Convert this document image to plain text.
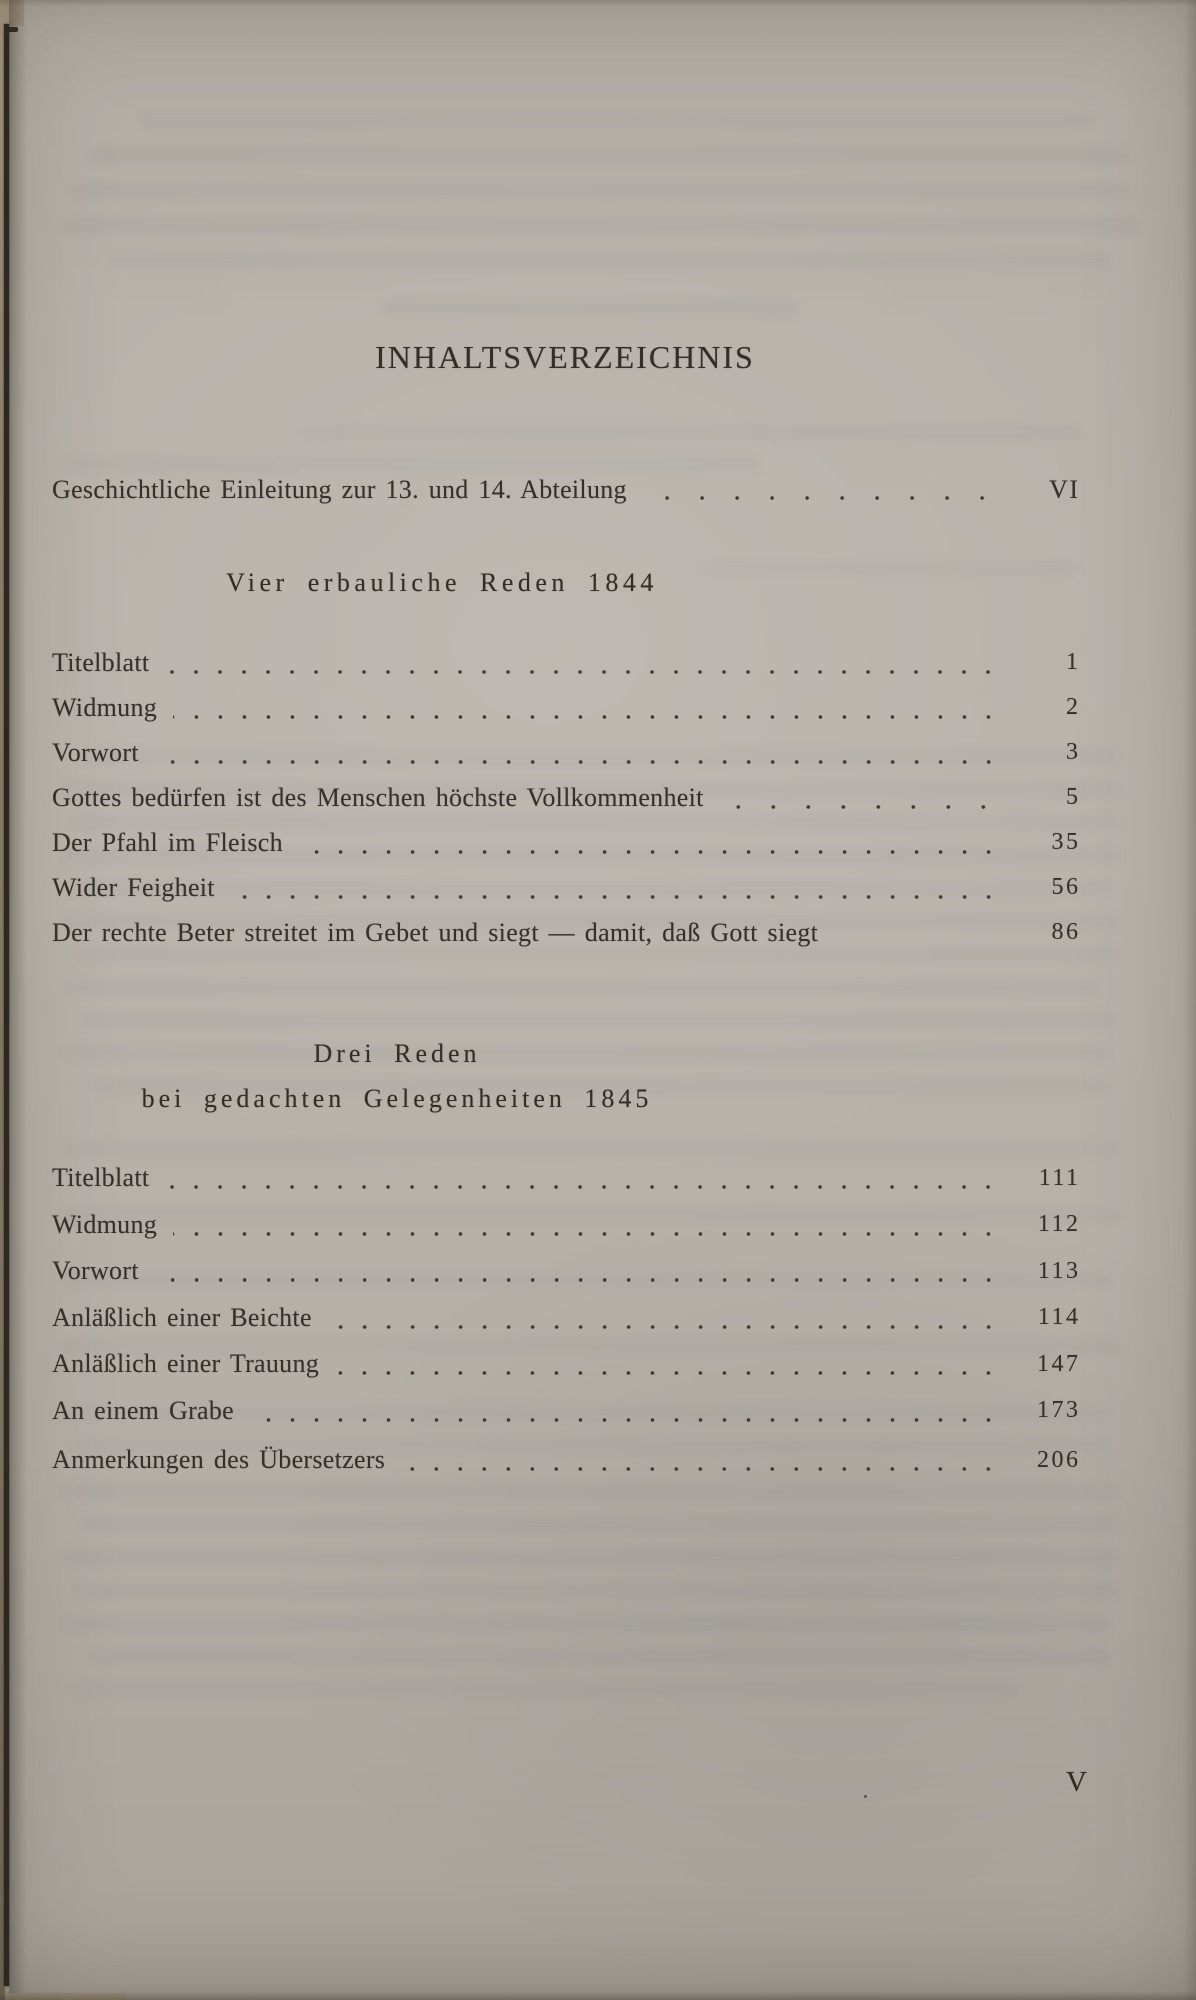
INHALTSVERZEICHNIS
Geschichtliche Einleitung zur 13. und 14. Abteilung	VI
Vier erbauliche Reden 1844
Titelblatt	1
Widmung	2
Vorwort	3
Gottes bedürfen ist des Menschen höchste Vollkommenheit	5
Der Pfahl im Fleisch	35
Wider Feigheit	56
Der rechte Beter streitet im Gebet und siegt — damit, daß Gott siegt	86
Drei Reden
bei gedachten Gelegenheiten 1845
Titelblatt	111
Widmung	112
Vorwort	113
Anläßlich einer Beichte	114
Anläßlich einer Trauung	147
An einem Grabe	173
Anmerkungen des Übersetzers	206
V
